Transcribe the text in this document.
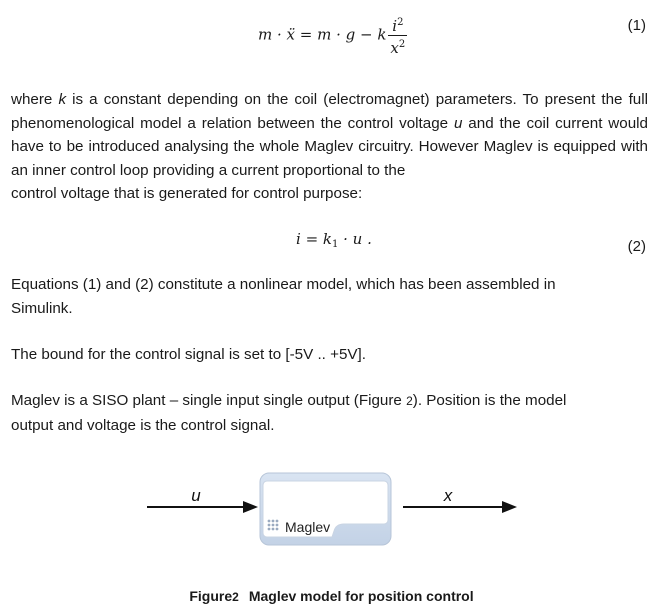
m · ẍ = m · g − k $\frac{i^2}{x^2}$	(1)

where k is a constant depending on the coil (electromagnet) parameters. To present the full phenomenological model a relation between the control voltage u and the coil current would have to be introduced analysing the whole Maglev circuitry. However Maglev is equipped with an inner control loop providing a current proportional to the
control voltage that is generated for control purpose:

$i = k_1 \cdot u$ .	(2)

Equations (1) and (2) constitute a nonlinear model, which has been assembled in
Simulink.

The bound for the control signal is set to [-5V .. +5V].

Maglev is a SISO plant – single input single output (Figure 2). Position is the model
output and voltage is the control signal.

u
Maglev
x
Figure2 Maglev model for position control
